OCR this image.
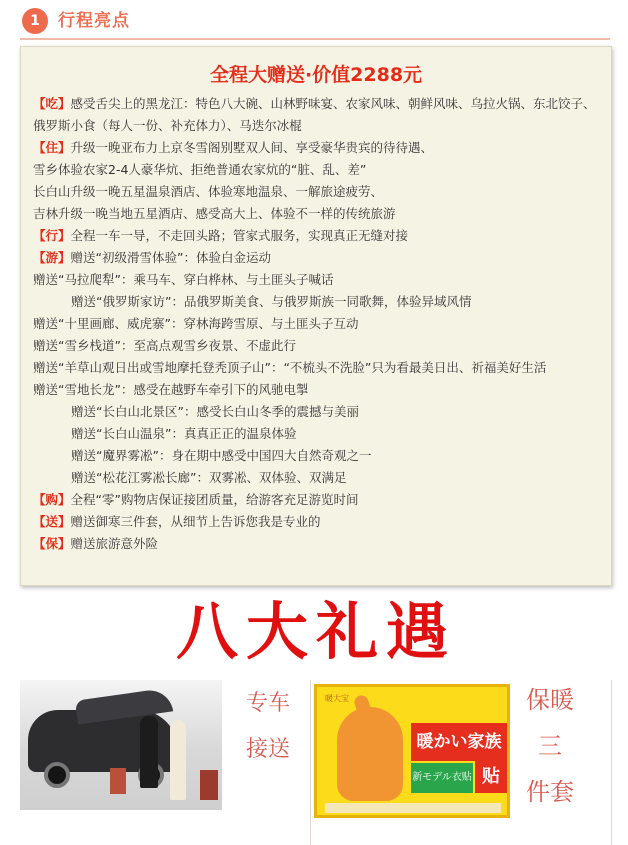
1	行程亮点
全程大赠送·价值2288元
【吃】感受舌尖上的黑龙江：特色八大碗、山林野味宴、农家风味、朝鲜风味、乌拉火锅、东北饺子、俄罗斯小食（每人一份、补充体力）、马迭尔冰棍
【住】升级一晚亚布力上京冬雪阁别墅双人间、享受豪华贵宾的待待遇、
雪乡体验农家2-4人豪华炕、拒绝普通农家炕的“脏、乱、差”
长白山升级一晚五星温泉酒店、体验寒地温泉、一解旅途疲劳、
吉林升级一晚当地五星酒店、感受高大上、体验不一样的传统旅游
【行】全程一车一导，不走回头路；管家式服务，实现真正无缝对接
【游】赠送“初级滑雪体验”：体验白金运动
赠送“马拉爬犁”：乘马车、穿白桦林、与土匪头子喊话
赠送“俄罗斯家访”：品俄罗斯美食、与俄罗斯族一同歌舞，体验异域风情
赠送“十里画廊、威虎寨”：穿林海跨雪原、与土匪头子互动
赠送“雪乡栈道”：至高点观雪乡夜景、不虚此行
赠送“羊草山观日出或雪地摩托登秃顶子山”：“不梳头不洗脸”只为看最美日出、祈福美好生活
赠送“雪地长龙”：感受在越野车牵引下的风驰电掣
赠送“长白山北景区”：感受长白山冬季的震撼与美丽
赠送“长白山温泉”：真真正正的温泉体验
赠送“魔界雾凇”：身在期中感受中国四大自然奇观之一
赠送“松花江雾凇长廊”：双雾凇、双体验、双满足
【购】全程“零”购物店保证接团质量，给游客充足游览时间
【送】赠送御寒三件套，从细节上告诉您我是专业的
【保】赠送旅游意外险
八大礼遇
专车
接送
暖大宝
暖かい家族
新モデル衣贴 贴
保暖
三
件套
